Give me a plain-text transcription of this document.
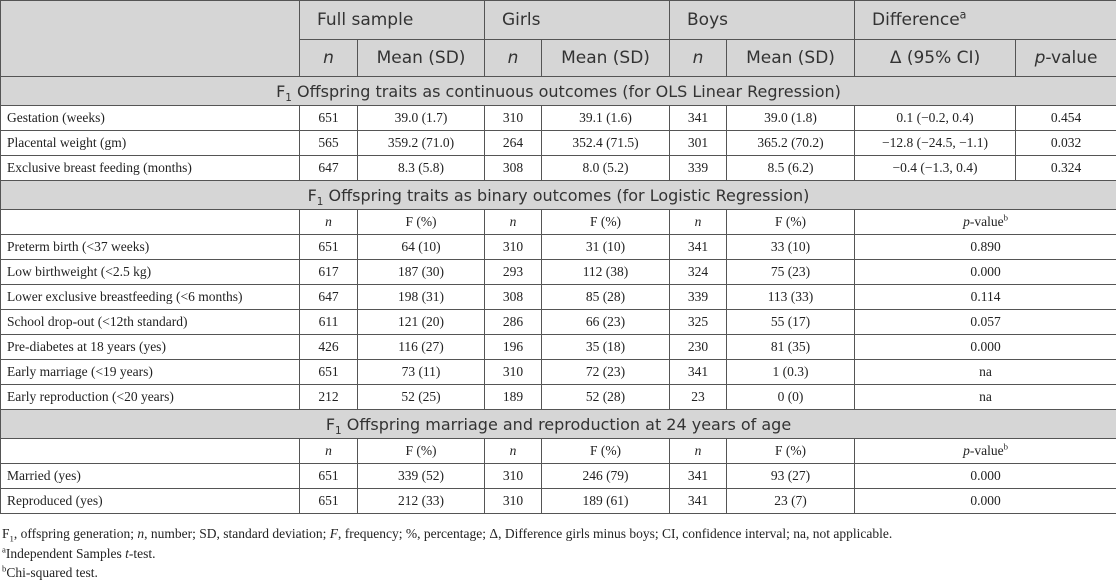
	Full sample		Girls		Boys		Difference$^a$
	n	Mean (SD)	n	Mean (SD)	n	Mean (SD)	Δ (95% CI)	p-value
$F_1$ Offspring traits as continuous outcomes (for OLS Linear Regression)								
Gestation (weeks)	651	39.0 (1.7)	310	39.1 (1.6)	341	39.0 (1.8)	0.1 (−0.2, 0.4)	0.454
Placental weight (gm)	565	359.2 (71.0)	264	352.4 (71.5)	301	365.2 (70.2)	−12.8 (−24.5, −1.1)	0.032
Exclusive breast feeding (months)	647	8.3 (5.8)	308	8.0 (5.2)	339	8.5 (6.2)	−0.4 (−1.3, 0.4)	0.324
$F_1$ Offspring traits as binary outcomes (for Logistic Regression)								
	n	F (%)	n	F (%)	n	F (%)	p-value$^b$
Preterm birth (<37 weeks)	651	64 (10)	310	31 (10)	341	33 (10)	0.890	
Low birthweight (<2.5 kg)	617	187 (30)	293	112 (38)	324	75 (23)	0.000	
Lower exclusive breastfeeding (<6 months)	647	198 (31)	308	85 (28)	339	113 (33)	0.114	
School drop-out (<12th standard)	611	121 (20)	286	66 (23)	325	55 (17)	0.057	
Pre-diabetes at 18 years (yes)	426	116 (27)	196	35 (18)	230	81 (35)	0.000	
Early marriage (<19 years)	651	73 (11)	310	72 (23)	341	1 (0.3)	na	
Early reproduction (<20 years)	212	52 (25)	189	52 (28)	23	0 (0)	na	
$F_1$ Offspring marriage and reproduction at 24 years of age								
	n	F (%)	n	F (%)	n	F (%)	p-value$^b$
Married (yes)	651	339 (52)	310	246 (79)	341	93 (27)	0.000	
Reproduced (yes)	651	212 (33)	310	189 (61)	341	23 (7)	0.000	
$F_1$, offspring generation; n, number; SD, standard deviation; F, frequency; %, percentage; Δ, Difference girls minus boys; CI, confidence interval; na, not applicable.
$^a$Independent Samples t-test.
$^b$Chi-squared test.
